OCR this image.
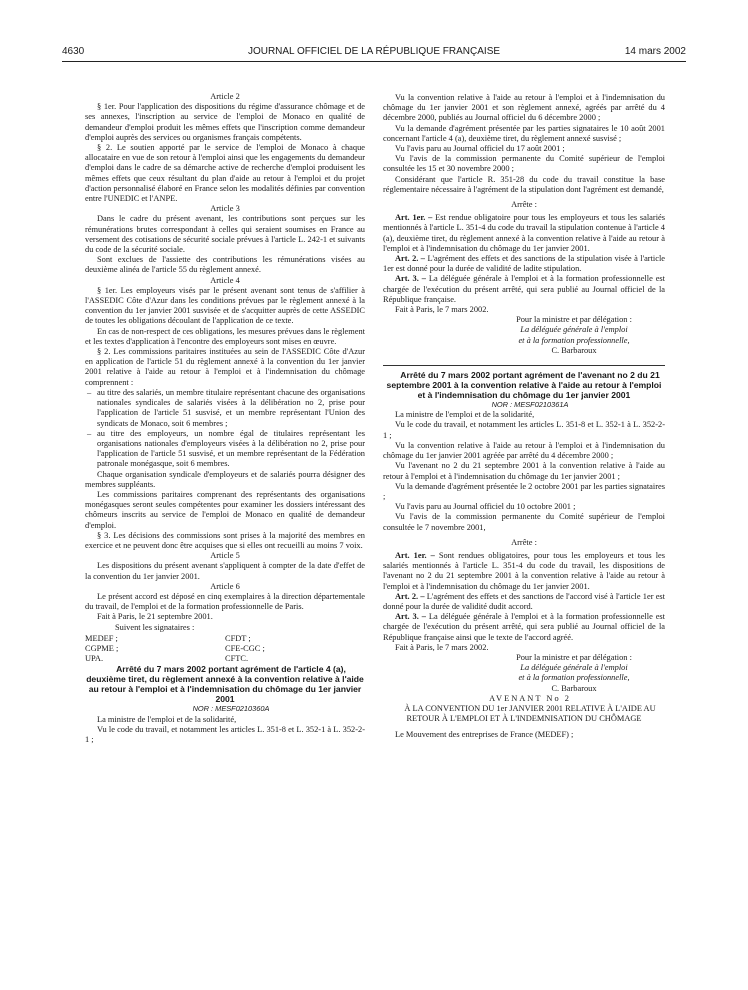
4630	JOURNAL OFFICIEL DE LA RÉPUBLIQUE FRANÇAISE	14 mars 2002

Article 2

§ 1er. Pour l'application des dispositions du régime d'assurance chômage et de ses annexes, l'inscription au service de l'emploi de Monaco en qualité de demandeur d'emploi produit les mêmes effets que l'inscription comme demandeur d'emploi auprès des services ou organismes français compétents.

§ 2. Le soutien apporté par le service de l'emploi de Monaco à chaque allocataire en vue de son retour à l'emploi ainsi que les engagements du demandeur d'emploi dans le cadre de sa démarche active de recherche d'emploi produisent les mêmes effets que ceux résultant du plan d'aide au retour à l'emploi et du projet d'action personnalisé élaboré en France selon les modalités définies par convention entre l'UNEDIC et l'ANPE.

Article 3

Dans le cadre du présent avenant, les contributions sont perçues sur les rémunérations brutes correspondant à celles qui seraient soumises en France au versement des cotisations de sécurité sociale prévues à l'article L. 242-1 et suivants du code de la sécurité sociale.

Sont exclues de l'assiette des contributions les rémunérations visées au deuxième alinéa de l'article 55 du règlement annexé.

Article 4

§ 1er. Les employeurs visés par le présent avenant sont tenus de s'affilier à l'ASSEDIC Côte d'Azur dans les conditions prévues par le règlement annexé à la convention du 1er janvier 2001 susvisée et de s'acquitter auprès de cette ASSEDIC de toutes les obligations découlant de l'application de ce texte.

En cas de non-respect de ces obligations, les mesures prévues dans le règlement et les textes d'application à l'encontre des employeurs sont mises en œuvre.

§ 2. Les commissions paritaires instituées au sein de l'ASSEDIC Côte d'Azur en application de l'article 51 du règlement annexé à la convention du 1er janvier 2001 relative à l'aide au retour à l'emploi et à l'indemnisation du chômage comprennent :

– au titre des salariés, un membre titulaire représentant chacune des organisations nationales syndicales de salariés visées à la délibération no 2, prise pour l'application de l'article 51 susvisé, et un membre représentant l'Union des syndicats de Monaco, soit 6 membres ;
– au titre des employeurs, un nombre égal de titulaires représentant les organisations nationales d'employeurs visées à la délibération no 2, prise pour l'application de l'article 51 susvisé, et un membre représentant de la Fédération patronale monégasque, soit 6 membres.

Chaque organisation syndicale d'employeurs et de salariés pourra désigner des membres suppléants.

Les commissions paritaires comprenant des représentants des organisations monégasques seront seules compétentes pour examiner les dossiers intéressant des chômeurs inscrits au service de l'emploi de Monaco en qualité de demandeur d'emploi.

§ 3. Les décisions des commissions sont prises à la majorité des membres en exercice et ne peuvent donc être acquises que si elles ont recueilli au moins 7 voix.

Article 5

Les dispositions du présent avenant s'appliquent à compter de la date d'effet de la convention du 1er janvier 2001.

Article 6

Le présent accord est déposé en cinq exemplaires à la direction départementale du travail, de l'emploi et de la formation professionnelle de Paris.

Fait à Paris, le 21 septembre 2001.

Suivent les signataires :

MEDEF ;	CFDT ;
CGPME ;	CFE-CGC ;
UPA.	CFTC.

Arrêté du 7 mars 2002 portant agrément de l'article 4 (a), deuxième tiret, du règlement annexé à la convention relative à l'aide au retour à l'emploi et à l'indemnisation du chômage du 1er janvier 2001

NOR : MESF0210360A

La ministre de l'emploi et de la solidarité,

Vu le code du travail, et notamment les articles L. 351-8 et L. 352-1 à L. 352-2-1 ;

Vu la convention relative à l'aide au retour à l'emploi et à l'indemnisation du chômage du 1er janvier 2001 et son règlement annexé, agréés par arrêté du 4 décembre 2000, publiés au Journal officiel du 6 décembre 2000 ;

Vu la demande d'agrément présentée par les parties signataires le 10 août 2001 concernant l'article 4 (a), deuxième tiret, du règlement annexé susvisé ;

Vu l'avis paru au Journal officiel du 17 août 2001 ;

Vu l'avis de la commission permanente du Comité supérieur de l'emploi consultée les 15 et 30 novembre 2000 ;

Considérant que l'article R. 351-28 du code du travail constitue la base réglementaire nécessaire à l'agrément de la stipulation dont l'agrément est demandé,

Arrête :

Art. 1er. – Est rendue obligatoire pour tous les employeurs et tous les salariés mentionnés à l'article L. 351-4 du code du travail la stipulation contenue à l'article 4 (a), deuxième tiret, du règlement annexé à la convention relative à l'aide au retour à l'emploi et à l'indemnisation du chômage du 1er janvier 2001.

Art. 2. – L'agrément des effets et des sanctions de la stipulation visée à l'article 1er est donné pour la durée de validité de ladite stipulation.

Art. 3. – La déléguée générale à l'emploi et à la formation professionnelle est chargée de l'exécution du présent arrêté, qui sera publié au Journal officiel de la République française.

Fait à Paris, le 7 mars 2002.

Pour la ministre et par délégation :
La déléguée générale à l'emploi
et à la formation professionnelle,
C. Barbaroux

Arrêté du 7 mars 2002 portant agrément de l'avenant no 2 du 21 septembre 2001 à la convention relative à l'aide au retour à l'emploi et à l'indemnisation du chômage du 1er janvier 2001

NOR : MESF0210361A

La ministre de l'emploi et de la solidarité,

Vu le code du travail, et notamment les articles L. 351-8 et L. 352-1 à L. 352-2-1 ;

Vu la convention relative à l'aide au retour à l'emploi et à l'indemnisation du chômage du 1er janvier 2001 agréée par arrêté du 4 décembre 2000 ;

Vu l'avenant no 2 du 21 septembre 2001 à la convention relative à l'aide au retour à l'emploi et à l'indemnisation du chômage du 1er janvier 2001 ;

Vu la demande d'agrément présentée le 2 octobre 2001 par les parties signataires ;

Vu l'avis paru au Journal officiel du 10 octobre 2001 ;

Vu l'avis de la commission permanente du Comité supérieur de l'emploi consultée le 7 novembre 2001,

Arrête :

Art. 1er. – Sont rendues obligatoires, pour tous les employeurs et tous les salariés mentionnés à l'article L. 351-4 du code du travail, les dispositions de l'avenant no 2 du 21 septembre 2001 à la convention relative à l'aide au retour à l'emploi et à l'indemnisation du chômage du 1er janvier 2001.

Art. 2. – L'agrément des effets et des sanctions de l'accord visé à l'article 1er est donné pour la durée de validité dudit accord.

Art. 3. – La déléguée générale à l'emploi et à la formation professionnelle est chargée de l'exécution du présent arrêté, qui sera publié au Journal officiel de la République française ainsi que le texte de l'accord agréé.

Fait à Paris, le 7 mars 2002.

Pour la ministre et par délégation :
La déléguée générale à l'emploi
et à la formation professionnelle,
C. Barbaroux

AVENANT No 2

À LA CONVENTION DU 1er JANVIER 2001 RELATIVE À L'AIDE AU RETOUR À L'EMPLOI ET À L'INDEMNISATION DU CHÔMAGE

Le Mouvement des entreprises de France (MEDEF) ;
